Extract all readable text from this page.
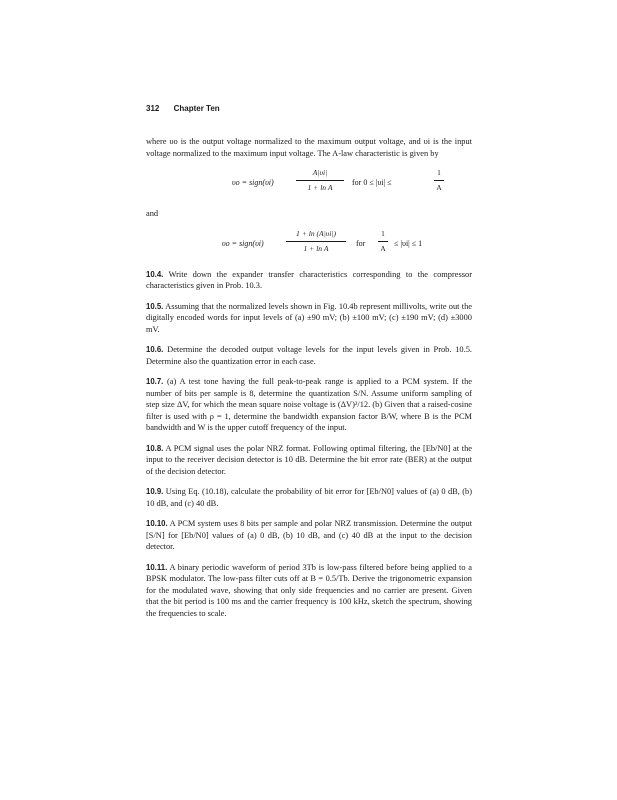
312 Chapter Ten

where υo is the output voltage normalized to the maximum output voltage, and υi is the input voltage normalized to the maximum input voltage. The A-law characteristic is given by

υo = sign(υi)
A|υi|
1 + ln A
for 0 ≤ |υi| ≤
1
A

and

υo = sign(υi)
1 + ln (A|υi|)
1 + ln A
for
1
A
≤ |υi| ≤ 1

10.4. Write down the expander transfer characteristics corresponding to the compressor characteristics given in Prob. 10.3.

10.5. Assuming that the normalized levels shown in Fig. 10.4b represent millivolts, write out the digitally encoded words for input levels of (a) ±90 mV; (b) ±100 mV; (c) ±190 mV; (d) ±3000 mV.

10.6. Determine the decoded output voltage levels for the input levels given in Prob. 10.5. Determine also the quantization error in each case.

10.7. (a) A test tone having the full peak-to-peak range is applied to a PCM system. If the number of bits per sample is 8, determine the quantization S/N. Assume uniform sampling of step size ΔV, for which the mean square noise voltage is (ΔV)²/12. (b) Given that a raised-cosine filter is used with ρ = 1, determine the bandwidth expansion factor B/W, where B is the PCM bandwidth and W is the upper cutoff frequency of the input.

10.8. A PCM signal uses the polar NRZ format. Following optimal filtering, the [Eb/N0] at the input to the receiver decision detector is 10 dB. Determine the bit error rate (BER) at the output of the decision detector.

10.9. Using Eq. (10.18), calculate the probability of bit error for [Eb/N0] values of (a) 0 dB, (b) 10 dB, and (c) 40 dB.

10.10. A PCM system uses 8 bits per sample and polar NRZ transmission. Determine the output [S/N] for [Eb/N0] values of (a) 0 dB, (b) 10 dB, and (c) 40 dB at the input to the decision detector.

10.11. A binary periodic waveform of period 3Tb is low-pass filtered before being applied to a BPSK modulator. The low-pass filter cuts off at B = 0.5/Tb. Derive the trigonometric expansion for the modulated wave, showing that only side frequencies and no carrier are present. Given that the bit period is 100 ms and the carrier frequency is 100 kHz, sketch the spectrum, showing the frequencies to scale.
